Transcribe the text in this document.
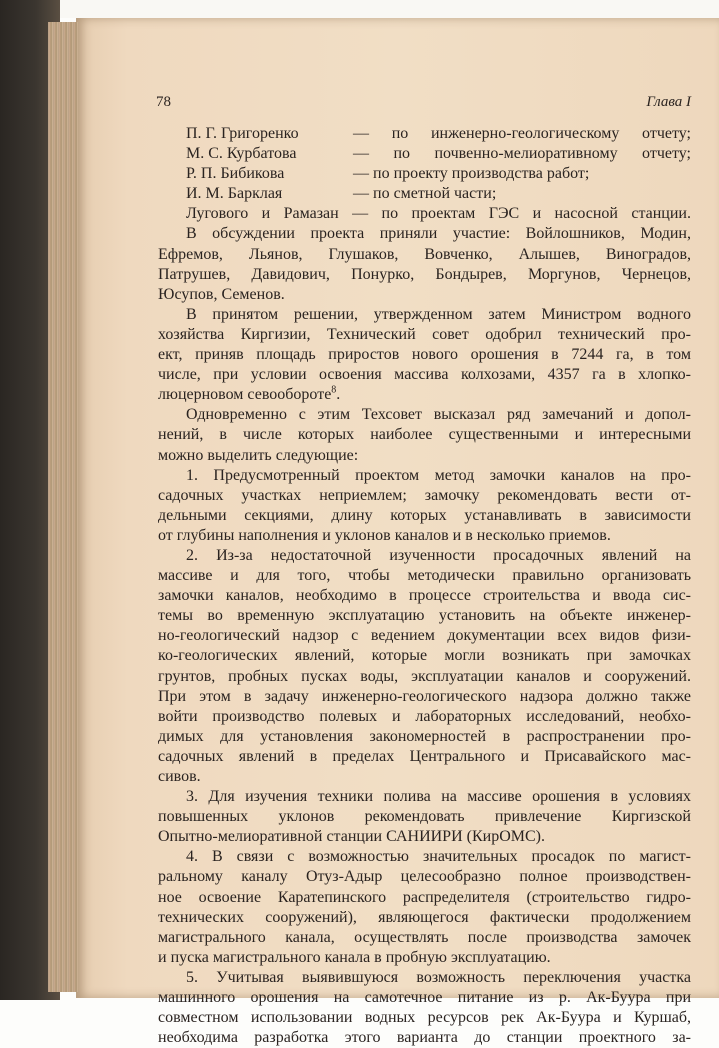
78	Глава I
П. Г. Григоренко	— по инженерно-геологическому отчету;
М. С. Курбатова	— по почвенно-мелиоративному отчету;
Р. П. Бибикова	— по проекту производства работ;
И. М. Барклая	— по сметной части;
Лугового и Рамазан — по проектам ГЭС и насосной станции.
В обсуждении проекта приняли участие: Войлошников, Модин,
Ефремов, Льянов, Глушаков, Вовченко, Алышев, Виноградов,
Патрушев, Давидович, Понурко, Бондырев, Моргунов, Чернецов,
Юсупов, Семенов.
В принятом решении, утвержденном затем Министром водного
хозяйства Киргизии, Технический совет одобрил технический про-
ект, приняв площадь приростов нового орошения в 7244 га, в том
числе, при условии освоения массива колхозами, 4357 га в хлопко-
люцерновом севообороте$^8$.
Одновременно с этим Техсовет высказал ряд замечаний и допол-
нений, в числе которых наиболее существенными и интересными
можно выделить следующие:
1. Предусмотренный проектом метод замочки каналов на про-
садочных участках неприемлем; замочку рекомендовать вести от-
дельными секциями, длину которых устанавливать в зависимости
от глубины наполнения и уклонов каналов и в несколько приемов.
2. Из-за недостаточной изученности просадочных явлений на
массиве и для того, чтобы методически правильно организовать
замочки каналов, необходимо в процессе строительства и ввода сис-
темы во временную эксплуатацию установить на объекте инженер-
но-геологический надзор с ведением документации всех видов физи-
ко-геологических явлений, которые могли возникать при замочках
грунтов, пробных пусках воды, эксплуатации каналов и сооружений.
При этом в задачу инженерно-геологического надзора должно также
войти производство полевых и лабораторных исследований, необхо-
димых для установления закономерностей в распространении про-
садочных явлений в пределах Центрального и Присавайского мас-
сивов.
3. Для изучения техники полива на массиве орошения в условиях
повышенных уклонов рекомендовать привлечение Киргизской
Опытно-мелиоративной станции САНИИРИ (КирОМС).
4. В связи с возможностью значительных просадок по магист-
ральному каналу Отуз-Адыр целесообразно полное производствен-
ное освоение Каратепинского распределителя (строительство гидро-
технических сооружений), являющегося фактически продолжением
магистрального канала, осуществлять после производства замочек
и пуска магистрального канала в пробную эксплуатацию.
5. Учитывая выявившуюся возможность переключения участка
машинного орошения на самотечное питание из р. Ак-Буура при
совместном использовании водных ресурсов рек Ак-Буура и Куршаб,
необходима разработка этого варианта до станции проектного за-
